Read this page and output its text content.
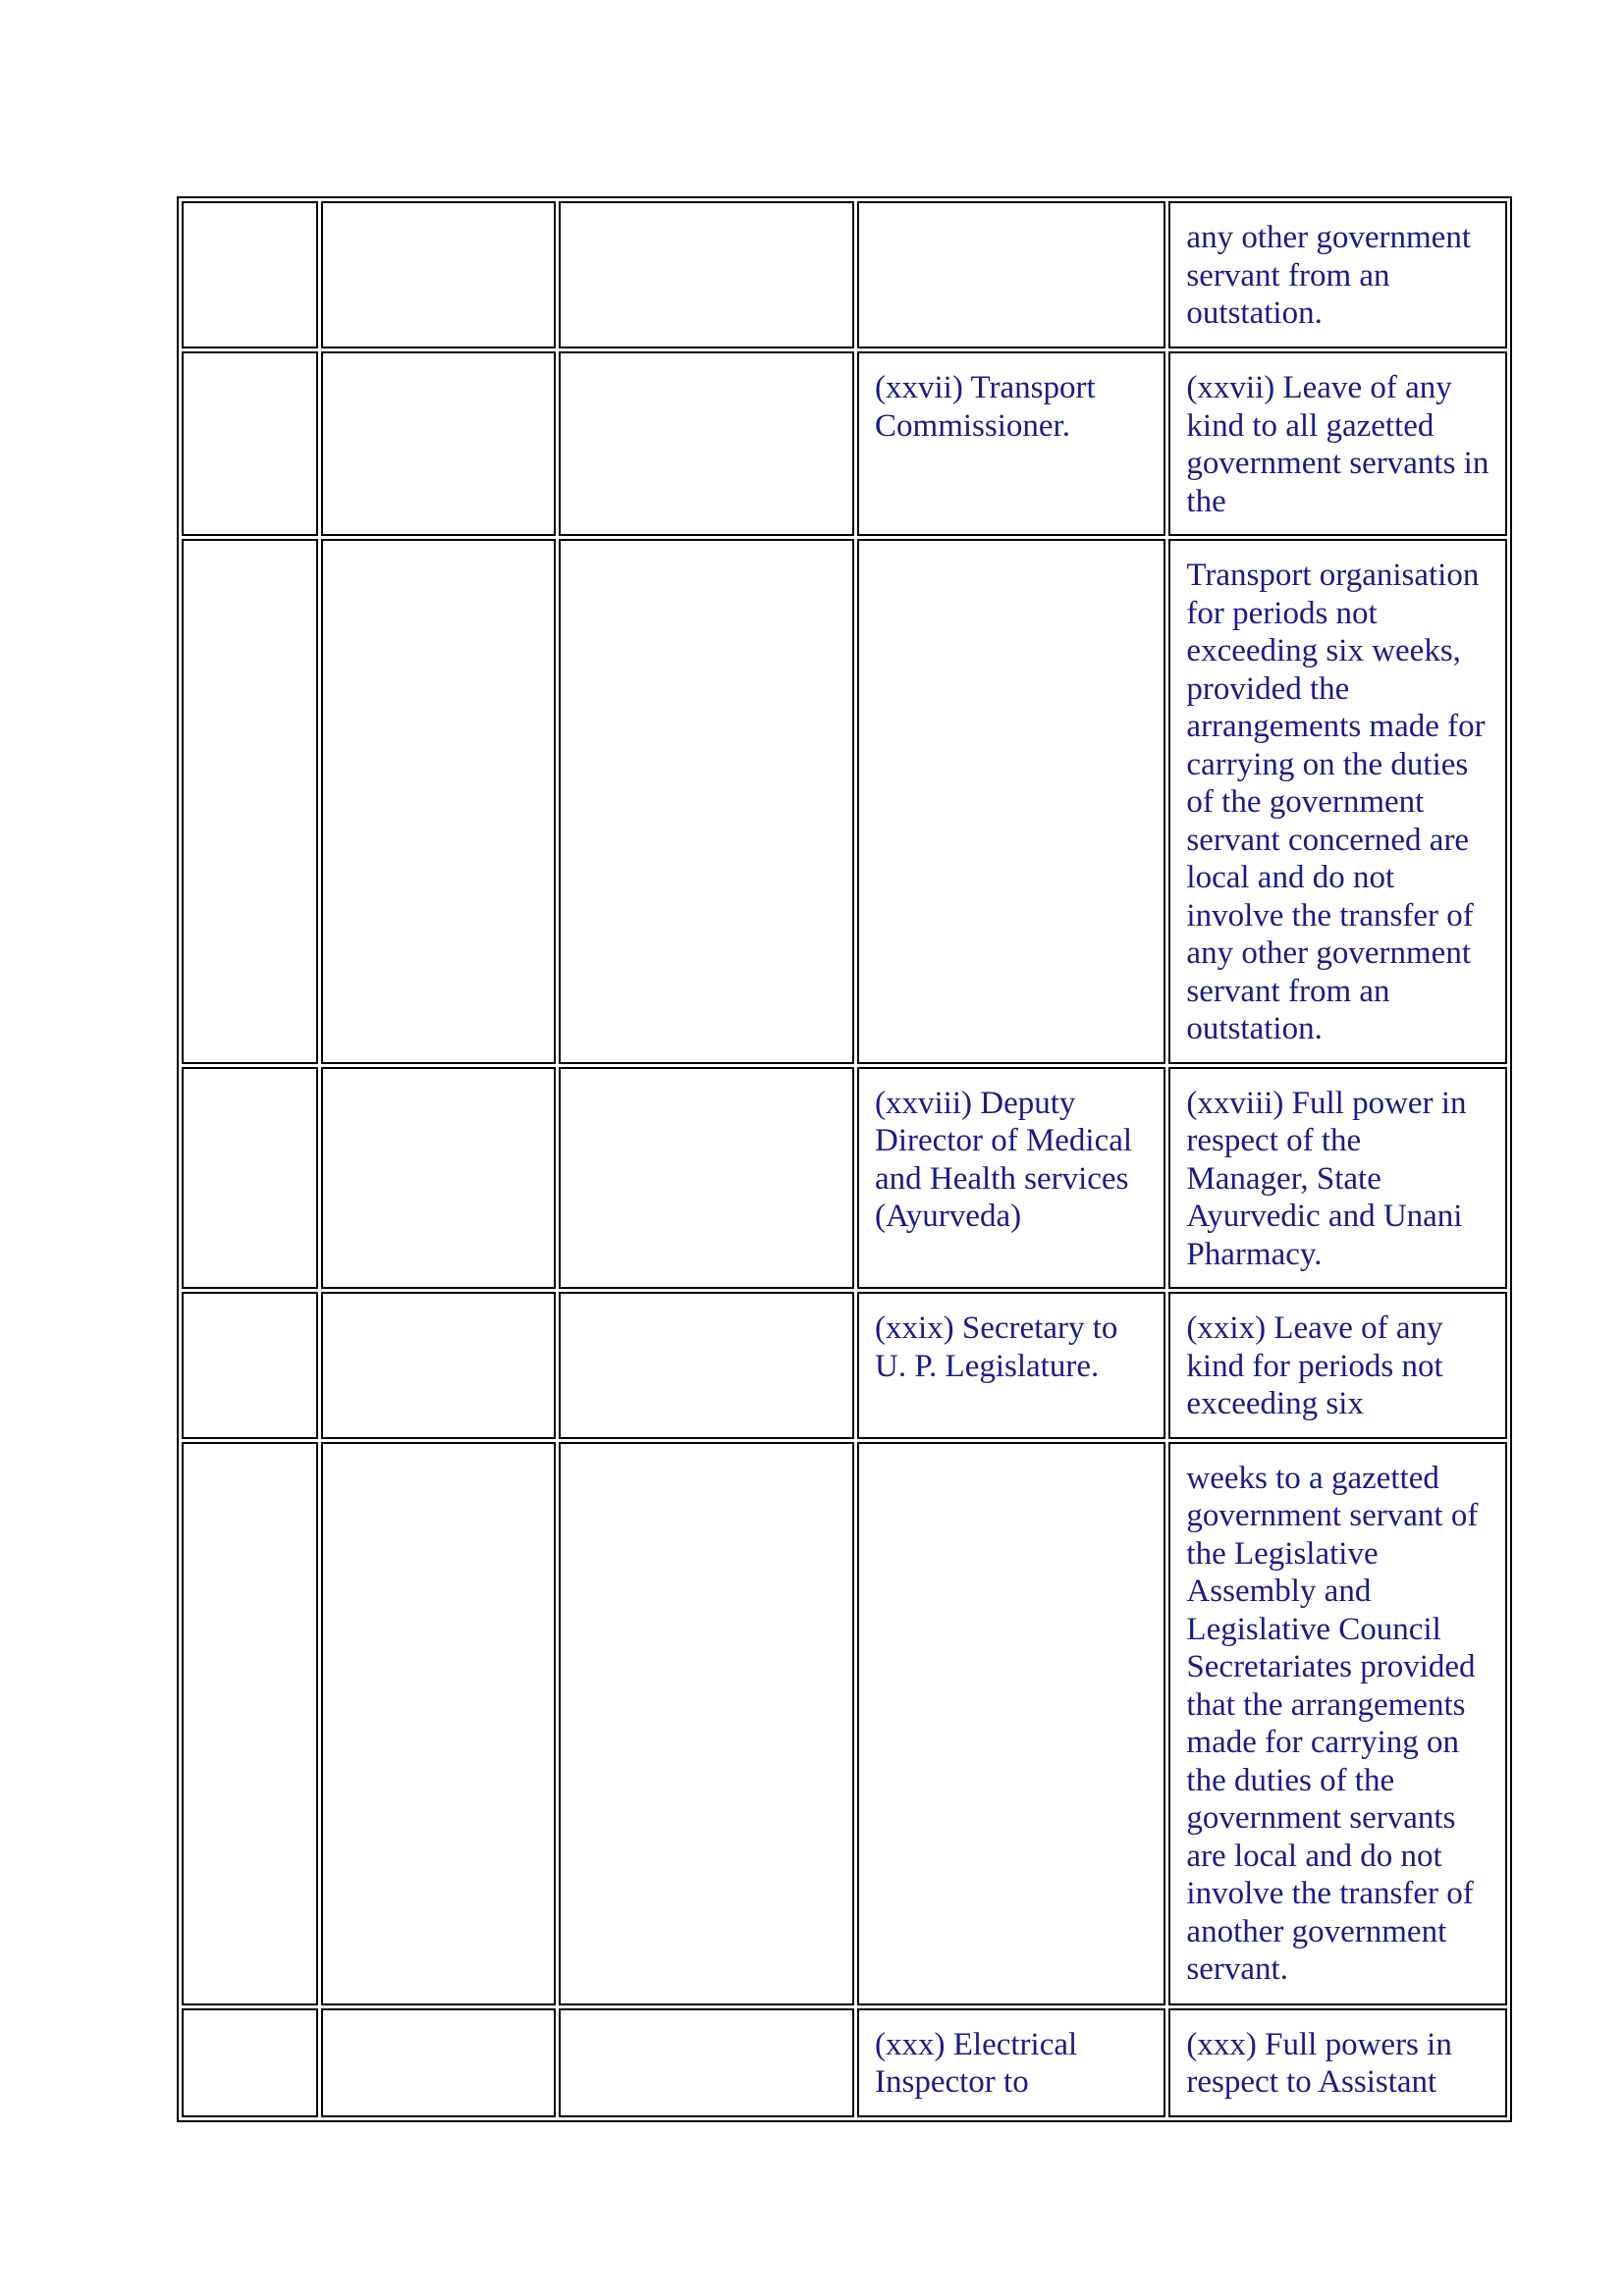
				any other government servant from an outstation.
			(xxvii) Transport Commissioner.	(xxvii) Leave of any kind to all gazetted government servants in the
				Transport organisation for periods not exceeding six weeks, provided the arrangements made for carrying on the duties of the government servant concerned are local and do not involve the transfer of any other government servant from an outstation.
			(xxviii) Deputy Director of Medical and Health services (Ayurveda)	(xxviii) Full power in respect of the Manager, State Ayurvedic and Unani Pharmacy.
			(xxix) Secretary to U. P. Legislature.	(xxix) Leave of any kind for periods not exceeding six
				weeks to a gazetted government servant of the Legislative Assembly and Legislative Council Secretariates provided that the arrangements made for carrying on the duties of the government servants are local and do not involve the transfer of another government servant.
			(xxx) Electrical Inspector to	(xxx) Full powers in respect to Assistant
